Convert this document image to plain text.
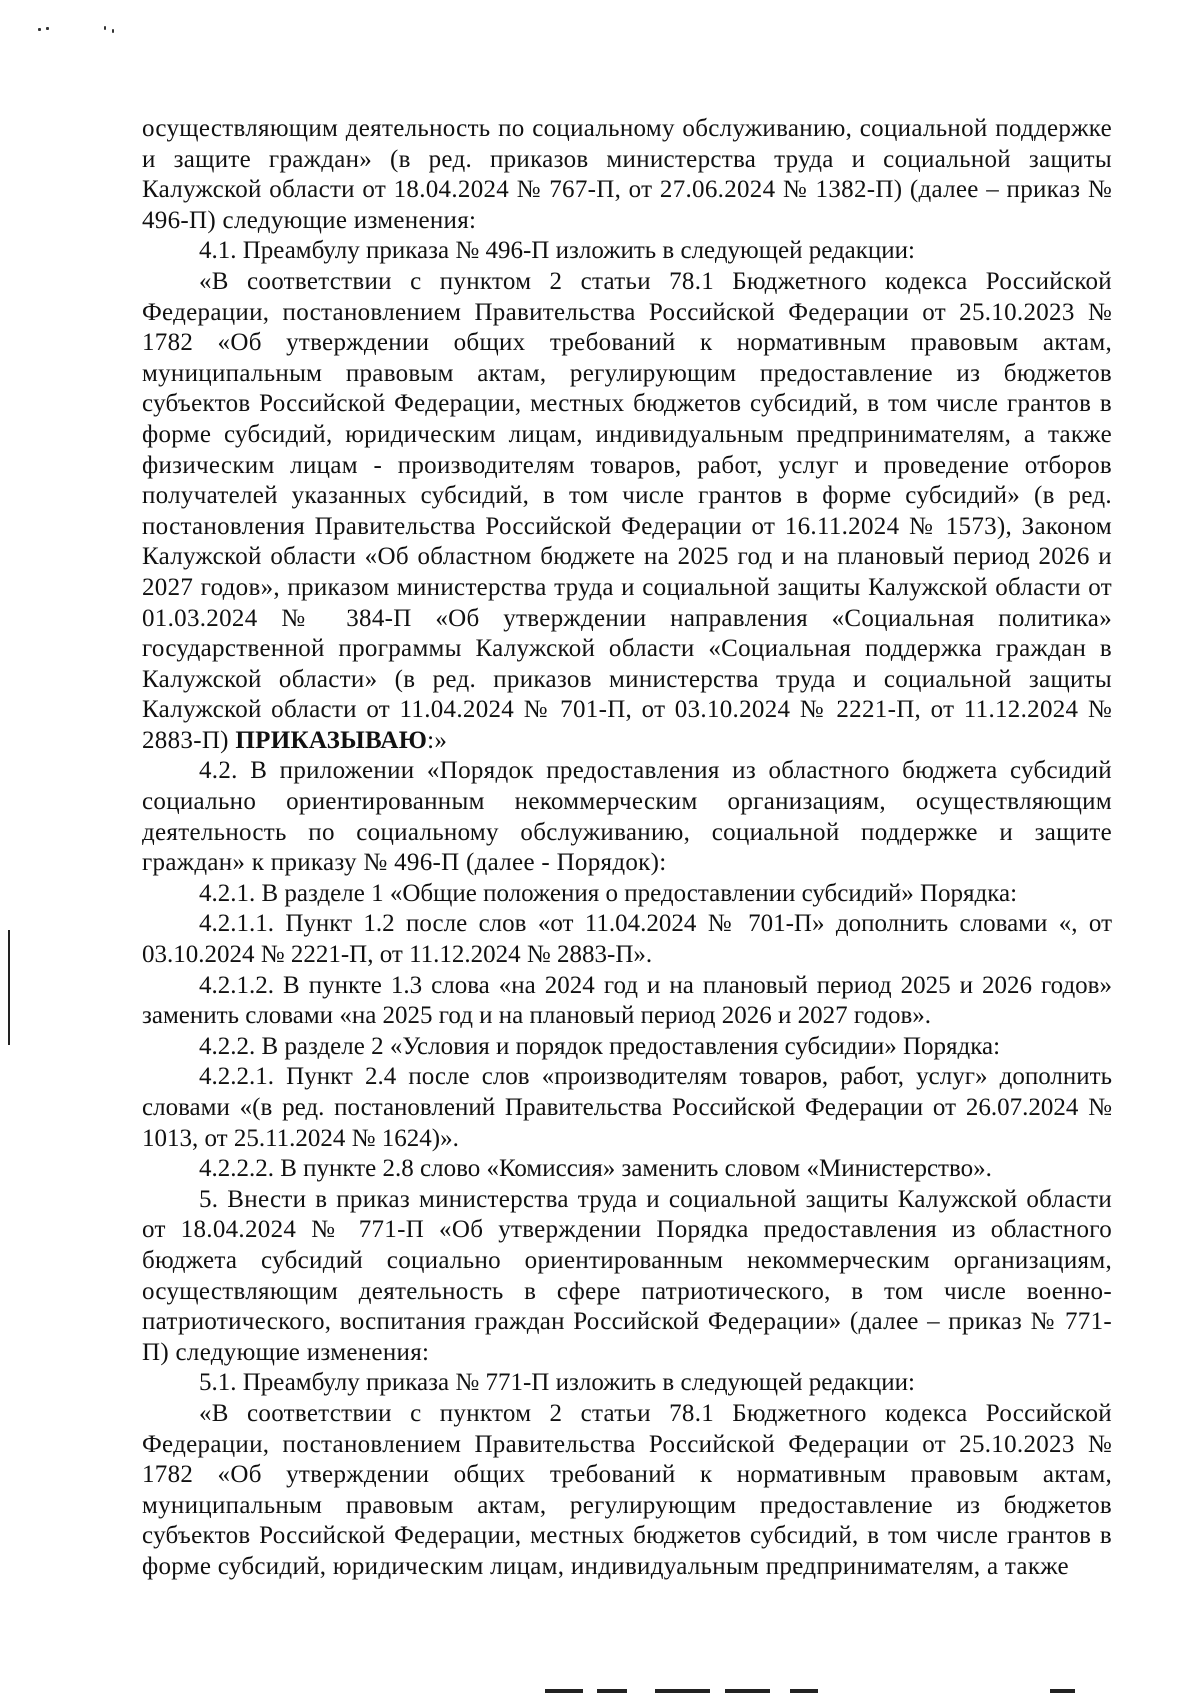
осуществляющим деятельность по социальному обслуживанию, социальной поддержке и защите граждан» (в ред. приказов министерства труда и социальной защиты Калужской области от 18.04.2024 № 767-П, от 27.06.2024 № 1382-П) (далее – приказ № 496-П) следующие изменения:

4.1. Преамбулу приказа № 496-П изложить в следующей редакции:

«В соответствии с пунктом 2 статьи 78.1 Бюджетного кодекса Российской Федерации, постановлением Правительства Российской Федерации от 25.10.2023 № 1782 «Об утверждении общих требований к нормативным правовым актам, муниципальным правовым актам, регулирующим предоставление из бюджетов субъектов Российской Федерации, местных бюджетов субсидий, в том числе грантов в форме субсидий, юридическим лицам, индивидуальным предпринимателям, а также физическим лицам - производителям товаров, работ, услуг и проведение отборов получателей указанных субсидий, в том числе грантов в форме субсидий» (в ред. постановления Правительства Российской Федерации от 16.11.2024 № 1573), Законом Калужской области «Об областном бюджете на 2025 год и на плановый период 2026 и 2027 годов», приказом министерства труда и социальной защиты Калужской области от 01.03.2024 № 384-П «Об утверждении направления «Социальная политика» государственной программы Калужской области «Социальная поддержка граждан в Калужской области» (в ред. приказов министерства труда и социальной защиты Калужской области от 11.04.2024 № 701-П, от 03.10.2024 № 2221-П, от 11.12.2024 № 2883-П) ПРИКАЗЫВАЮ:»

4.2. В приложении «Порядок предоставления из областного бюджета субсидий социально ориентированным некоммерческим организациям, осуществляющим деятельность по социальному обслуживанию, социальной поддержке и защите граждан» к приказу № 496-П (далее - Порядок):

4.2.1. В разделе 1 «Общие положения о предоставлении субсидий» Порядка:

4.2.1.1. Пункт 1.2 после слов «от 11.04.2024 № 701-П» дополнить словами «, от 03.10.2024 № 2221-П, от 11.12.2024 № 2883-П».

4.2.1.2. В пункте 1.3 слова «на 2024 год и на плановый период 2025 и 2026 годов» заменить словами «на 2025 год и на плановый период 2026 и 2027 годов».

4.2.2. В разделе 2 «Условия и порядок предоставления субсидии» Порядка:

4.2.2.1. Пункт 2.4 после слов «производителям товаров, работ, услуг» дополнить словами «(в ред. постановлений Правительства Российской Федерации от 26.07.2024 № 1013, от 25.11.2024 № 1624)».

4.2.2.2. В пункте 2.8 слово «Комиссия» заменить словом «Министерство».

5. Внести в приказ министерства труда и социальной защиты Калужской области от 18.04.2024 № 771-П «Об утверждении Порядка предоставления из областного бюджета субсидий социально ориентированным некоммерческим организациям, осуществляющим деятельность в сфере патриотического, в том числе военно-патриотического, воспитания граждан Российской Федерации» (далее – приказ № 771-П) следующие изменения:

5.1. Преамбулу приказа № 771-П изложить в следующей редакции:

«В соответствии с пунктом 2 статьи 78.1 Бюджетного кодекса Российской Федерации, постановлением Правительства Российской Федерации от 25.10.2023 № 1782 «Об утверждении общих требований к нормативным правовым актам, муниципальным правовым актам, регулирующим предоставление из бюджетов субъектов Российской Федерации, местных бюджетов субсидий, в том числе грантов в форме субсидий, юридическим лицам, индивидуальным предпринимателям, а также
